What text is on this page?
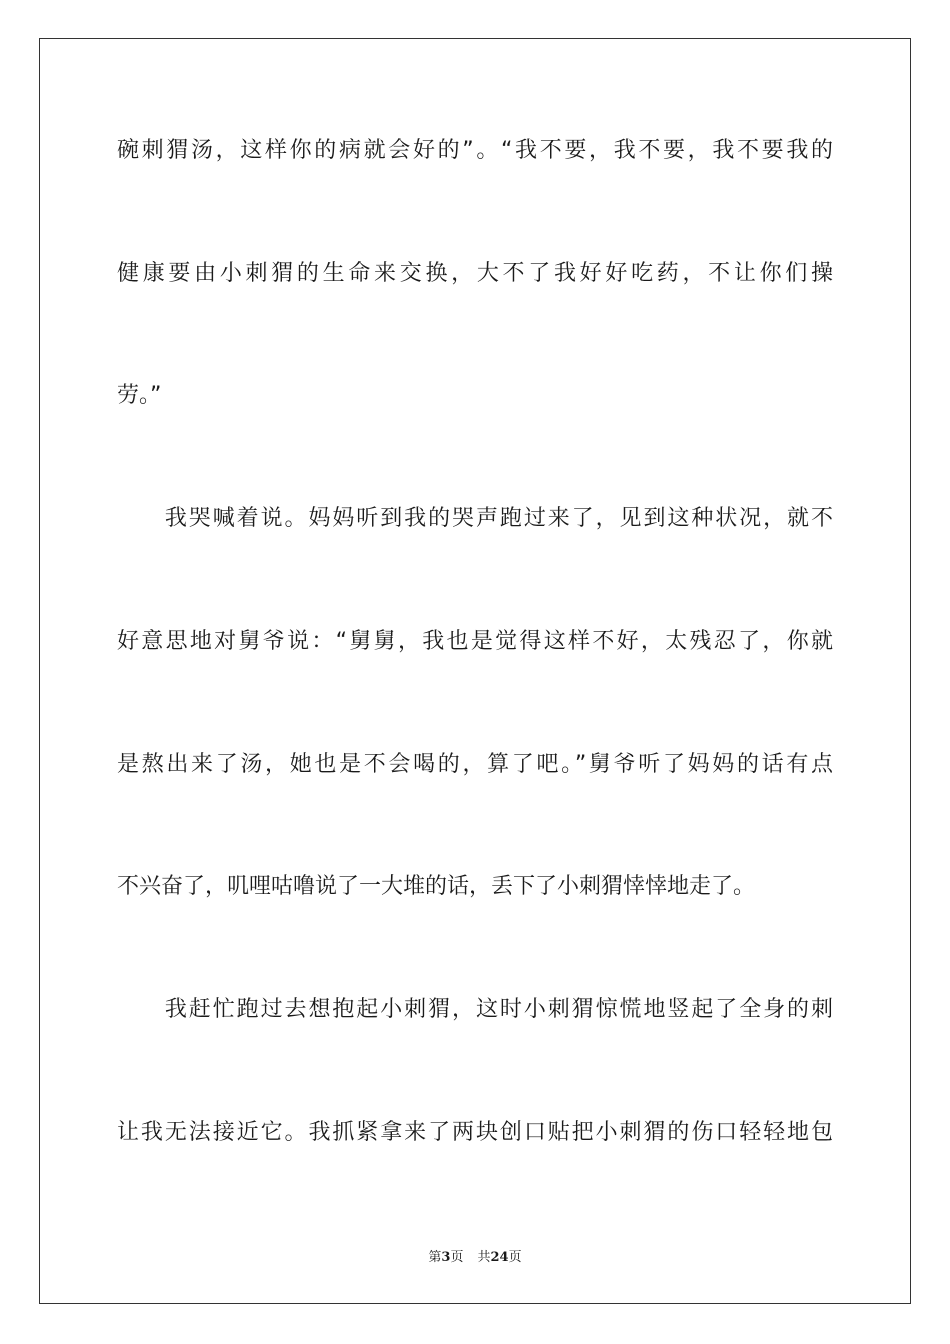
碗刺猬汤，这样你的病就会好的”。“我不要，我不要，我不要我的
健康要由小刺猬的生命来交换，大不了我好好吃药，不让你们操
劳。”
　　我哭喊着说。妈妈听到我的哭声跑过来了，见到这种状况，就不
好意思地对舅爷说：“舅舅，我也是觉得这样不好，太残忍了，你就
是熬出来了汤，她也是不会喝的，算了吧。”舅爷听了妈妈的话有点
不兴奋了，叽哩咕噜说了一大堆的话，丢下了小刺猬悻悻地走了。
　　我赶忙跑过去想抱起小刺猬，这时小刺猬惊慌地竖起了全身的刺
让我无法接近它。我抓紧拿来了两块创口贴把小刺猬的伤口轻轻地包
第3页 共24页
